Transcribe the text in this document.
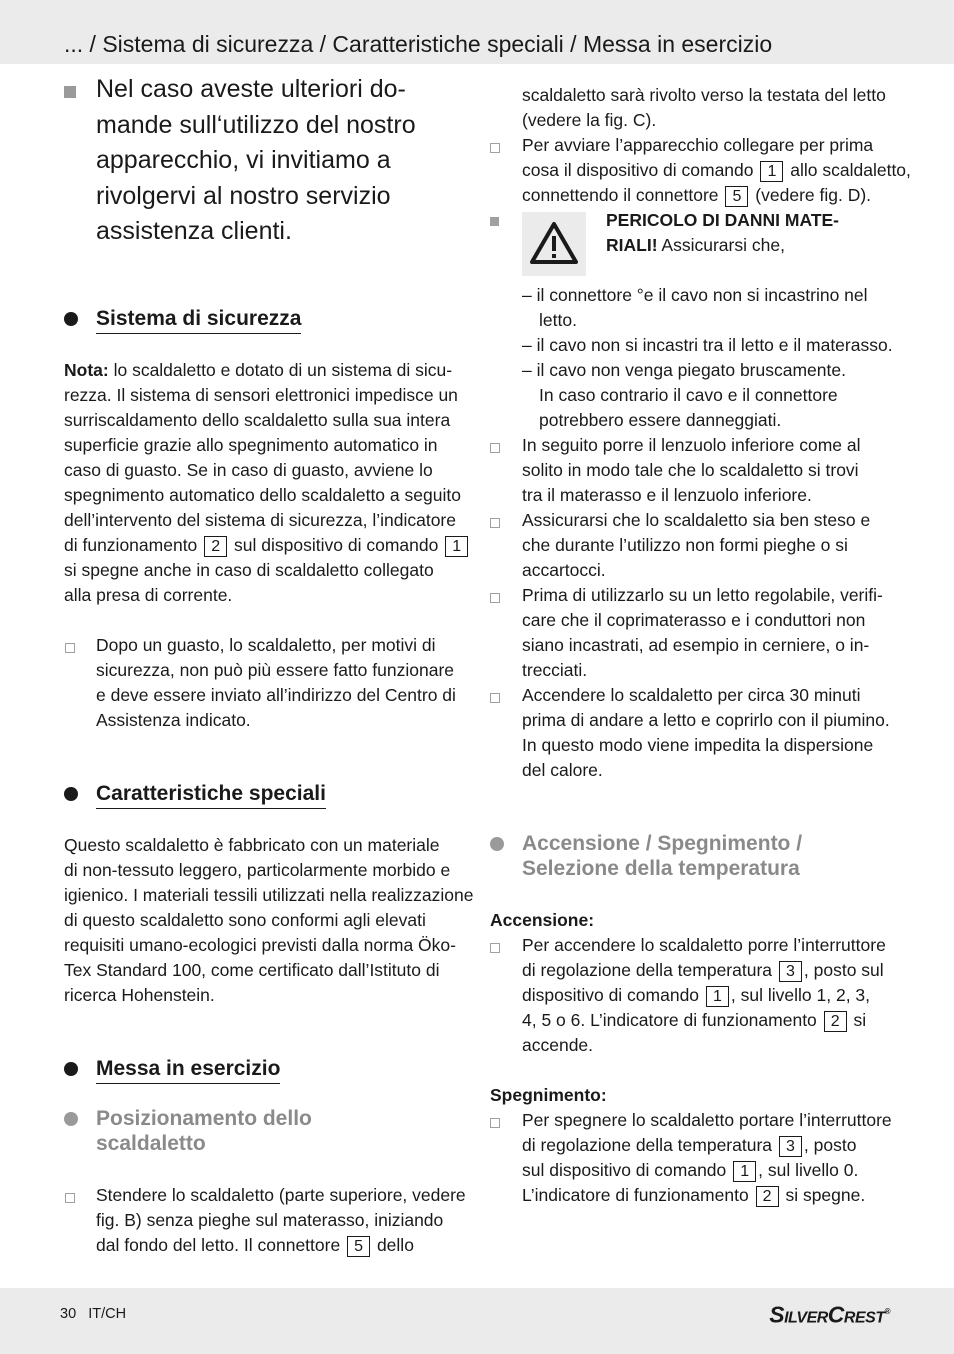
... / Sistema di sicurezza / Caratteristiche speciali / Messa in esercizio
Nel caso aveste ulteriori do-
mande sull‘utilizzo del nostro
apparecchio, vi invitiamo a
rivolgervi al nostro servizio
assistenza clienti.
Sistema di sicurezza
Nota: lo scaldaletto e dotato di un sistema di sicu-
rezza. Il sistema di sensori elettronici impedisce un
surriscaldamento dello scaldaletto sulla sua intera
superficie grazie allo spegnimento automatico in
caso di guasto. Se in caso di guasto, avviene lo
spegnimento automatico dello scaldaletto a seguito
dell’intervento del sistema di sicurezza, l’indicatore
di funzionamento 2 sul dispositivo di comando 1
si spegne anche in caso di scaldaletto collegato
alla presa di corrente.
Dopo un guasto, lo scaldaletto, per motivi di
sicurezza, non può più essere fatto funzionare
e deve essere inviato all’indirizzo del Centro di
Assistenza indicato.
Caratteristiche speciali
Questo scaldaletto è fabbricato con un materiale
di non-tessuto leggero, particolarmente morbido e
igienico. I materiali tessili utilizzati nella realizzazione
di questo scaldaletto sono conformi agli elevati
requisiti umano-ecologici previsti dalla norma Öko-
Tex Standard 100, come certificato dall’Istituto di
ricerca Hohenstein.
Messa in esercizio
Posizionamento dello
scaldaletto
Stendere lo scaldaletto (parte superiore, vedere
fig. B) senza pieghe sul materasso, iniziando
dal fondo del letto. Il connettore 5 dello
scaldaletto sarà rivolto verso la testata del letto
(vedere la fig. C).
Per avviare l’apparecchio collegare per prima
cosa il dispositivo di comando 1 allo scaldaletto,
connettendo il connettore 5 (vedere fig. D).
PERICOLO DI DANNI MATE-
RIALI! Assicurarsi che,
– il connettore °e il cavo non si incastrino nel
letto.
– il cavo non si incastri tra il letto e il materasso.
– il cavo non venga piegato bruscamente.
In caso contrario il cavo e il connettore
potrebbero essere danneggiati.
In seguito porre il lenzuolo inferiore come al
solito in modo tale che lo scaldaletto si trovi
tra il materasso e il lenzuolo inferiore.
Assicurarsi che lo scaldaletto sia ben steso e
che durante l’utilizzo non formi pieghe o si
accartocci.
Prima di utilizzarlo su un letto regolabile, verifi-
care che il coprimaterasso e i conduttori non
siano incastrati, ad esempio in cerniere, o in-
trecciati.
Accendere lo scaldaletto per circa 30 minuti
prima di andare a letto e coprirlo con il piumino.
In questo modo viene impedita la dispersione
del calore.
Accensione / Spegnimento /
Selezione della temperatura
Accensione:
Per accendere lo scaldaletto porre l’interruttore
di regolazione della temperatura 3 , posto sul
dispositivo di comando 1 , sul livello 1, 2, 3,
4, 5 o 6. L’indicatore di funzionamento 2 si
accende.
Spegnimento:
Per spegnere lo scaldaletto portare l’interruttore
di regolazione della temperatura 3 , posto
sul dispositivo di comando 1 , sul livello 0.
L’indicatore di funzionamento 2 si spegne.
30 IT/CH	SilverCrest®
